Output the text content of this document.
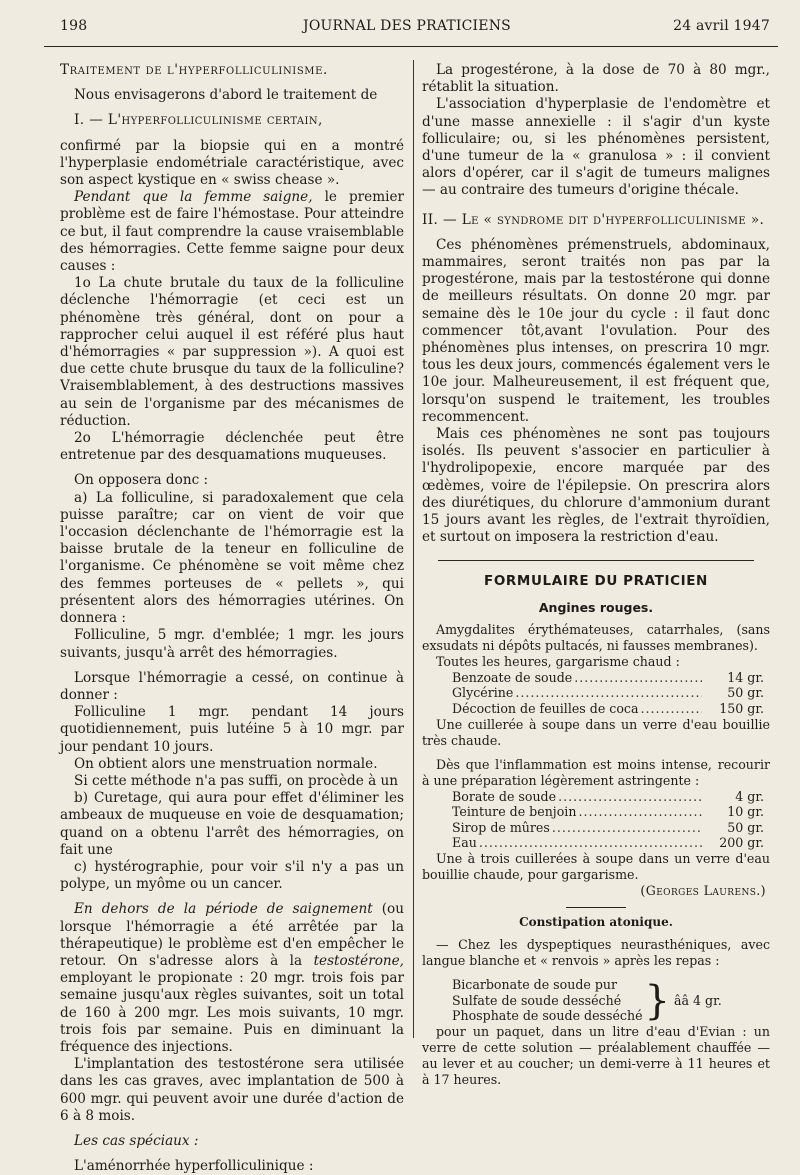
198	JOURNAL DES PRATICIENS	24 avril 1947

Traitement de l'hyperfolliculinisme.

Nous envisagerons d'abord le traitement de

I. — L'hyperfolliculinisme certain,

confirmé par la biopsie qui en a montré l'hyperplasie endométriale caractéristique, avec son aspect kystique en « swiss chease ».

Pendant que la femme saigne, le premier problème est de faire l'hémostase. Pour atteindre ce but, il faut comprendre la cause vraisemblable des hémorragies. Cette femme saigne pour deux causes :

1o La chute brutale du taux de la folliculine déclenche l'hémorragie (et ceci est un phénomène très général, dont on pour a rapprocher celui auquel il est référé plus haut d'hémorragies « par suppression »). A quoi est due cette chute brusque du taux de la folliculine? Vraisemblablement, à des destructions massives au sein de l'organisme par des mécanismes de réduction.

2o L'hémorragie déclenchée peut être entretenue par des desquamations muqueuses.

On opposera donc :

a) La folliculine, si paradoxalement que cela puisse paraître; car on vient de voir que l'occasion déclenchante de l'hémorragie est la baisse brutale de la teneur en folliculine de l'organisme. Ce phénomène se voit même chez des femmes porteuses de « pellets », qui présentent alors des hémorragies utérines. On donnera :

Folliculine, 5 mgr. d'emblée; 1 mgr. les jours suivants, jusqu'à arrêt des hémorragies.

Lorsque l'hémorragie a cessé, on continue à donner :

Folliculine 1 mgr. pendant 14 jours quotidiennement, puis lutéine 5 à 10 mgr. par jour pendant 10 jours.

On obtient alors une menstruation normale.

Si cette méthode n'a pas suffi, on procède à un

b) Curetage, qui aura pour effet d'éliminer les ambeaux de muqueuse en voie de desquamation; quand on a obtenu l'arrêt des hémorragies, on fait une

c) hystérographie, pour voir s'il n'y a pas un polype, un myôme ou un cancer.

En dehors de la période de saignement (ou lorsque l'hémorragie a été arrêtée par la thérapeutique) le problème est d'en empêcher le retour. On s'adresse alors à la testostérone, employant le propionate : 20 mgr. trois fois par semaine jusqu'aux règles suivantes, soit un total de 160 à 200 mgr. Les mois suivants, 10 mgr. trois fois par semaine. Puis en diminuant la fréquence des injections.

L'implantation des testostérone sera utilisée dans les cas graves, avec implantation de 500 à 600 mgr. qui peuvent avoir une durée d'action de 6 à 8 mois.

Les cas spéciaux :

L'aménorrhée hyperfolliculinique :

La progestérone, à la dose de 70 à 80 mgr., rétablit la situation.

L'association d'hyperplasie de l'endomètre et d'une masse annexielle : il s'agir d'un kyste folliculaire; ou, si les phénomènes persistent, d'une tumeur de la « granulosa » : il convient alors d'opérer, car il s'agit de tumeurs malignes — au contraire des tumeurs d'origine thécale.

II. — Le « syndrome dit d'hyperfolliculinisme ».

Ces phénomènes prémenstruels, abdominaux, mammaires, seront traités non pas par la progestérone, mais par la testostérone qui donne de meilleurs résultats. On donne 20 mgr. par semaine dès le 10e jour du cycle : il faut donc commencer tôt,avant l'ovulation. Pour des phénomènes plus intenses, on prescrira 10 mgr. tous les deux jours, commencés également vers le 10e jour. Malheureusement, il est fréquent que, lorsqu'on suspend le traitement, les troubles recommencent.

Mais ces phénomènes ne sont pas toujours isolés. Ils peuvent s'associer en particulier à l'hydrolipopexie, encore marquée par des œdèmes, voire de l'épilepsie. On prescrira alors des diurétiques, du chlorure d'ammonium durant 15 jours avant les règles, de l'extrait thyroïdien, et surtout on imposera la restriction d'eau.

FORMULAIRE DU PRATICIEN

Angines rouges.

Amygdalites érythémateuses, catarrhales, (sans exsudats ni dépôts pultacés, ni fausses membranes).

Toutes les heures, gargarisme chaud :

Benzoate de soude .....	14 gr.
Glycérine .....	50 gr.
Décoction de feuilles de coca .....	150 gr.

Une cuillerée à soupe dans un verre d'eau bouillie très chaude.

Dès que l'inflammation est moins intense, recourir à une préparation légèrement astringente :

Borate de soude .....	4 gr.
Teinture de benjoin .....	10 gr.
Sirop de mûres .....	50 gr.
Eau .....	200 gr.

Une à trois cuillerées à soupe dans un verre d'eau bouillie chaude, pour gargarisme.

(Georges Laurens.)

Constipation atonique.

— Chez les dyspeptiques neurasthéniques, avec langue blanche et « renvois » après les repas :

Bicarbonate de soude pur
Sulfate de soude desséché
Phosphate de soude desséché } ââ 4 gr.

pour un paquet, dans un litre d'eau d'Evian : un verre de cette solution — préalablement chauffée — au lever et au coucher; un demi-verre à 11 heures et à 17 heures.
